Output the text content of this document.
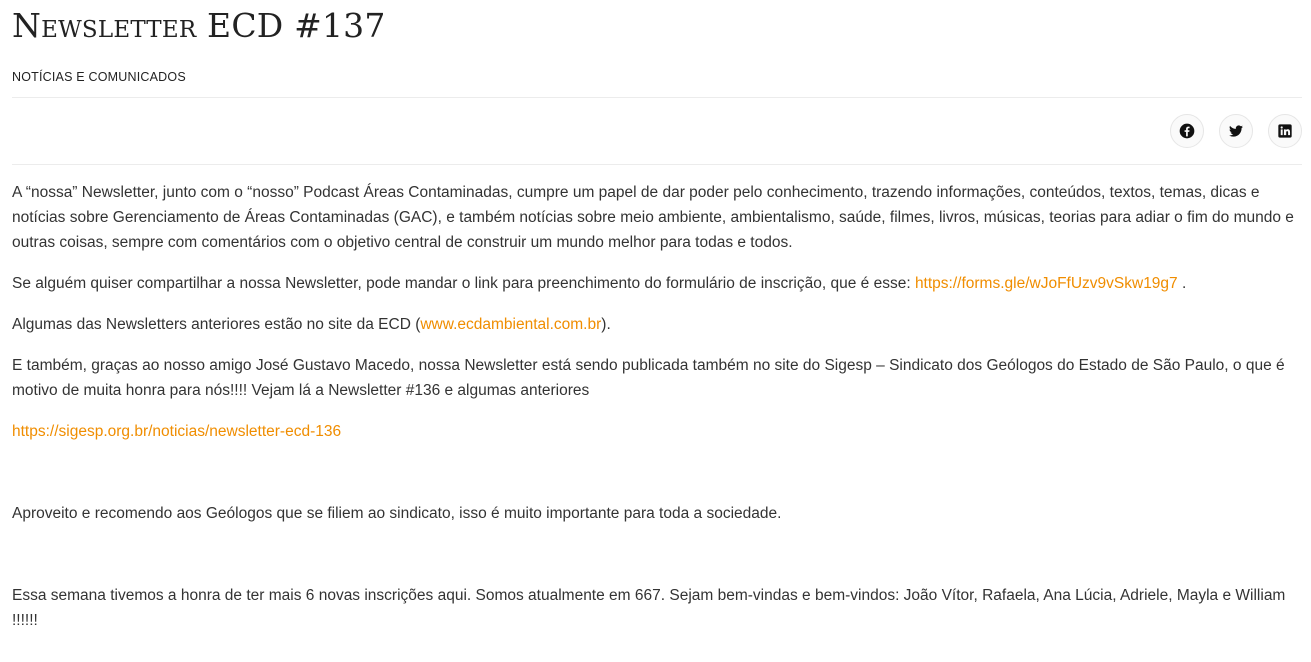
Newsletter ECD #137
NOTÍCIAS E COMUNICADOS

A “nossa” Newsletter, junto com o “nosso” Podcast Áreas Contaminadas, cumpre um papel de dar poder pelo conhecimento, trazendo informações, conteúdos, textos, temas, dicas e notícias sobre Gerenciamento de Áreas Contaminadas (GAC), e também notícias sobre meio ambiente, ambientalismo, saúde, filmes, livros, músicas, teorias para adiar o fim do mundo e outras coisas, sempre com comentários com o objetivo central de construir um mundo melhor para todas e todos.

Se alguém quiser compartilhar a nossa Newsletter, pode mandar o link para preenchimento do formulário de inscrição, que é esse: https://forms.gle/wJoFfUzv9vSkw19g7 .

Algumas das Newsletters anteriores estão no site da ECD (www.ecdambiental.com.br).

E também, graças ao nosso amigo José Gustavo Macedo, nossa Newsletter está sendo publicada também no site do Sigesp – Sindicato dos Geólogos do Estado de São Paulo, o que é motivo de muita honra para nós!!!! Vejam lá a Newsletter #136 e algumas anteriores

https://sigesp.org.br/noticias/newsletter-ecd-136

Aproveito e recomendo aos Geólogos que se filiem ao sindicato, isso é muito importante para toda a sociedade.

Essa semana tivemos a honra de ter mais 6 novas inscrições aqui. Somos atualmente em 667. Sejam bem-vindas e bem-vindos: João Vítor, Rafaela, Ana Lúcia, Adriele, Mayla e William !!!!!!
